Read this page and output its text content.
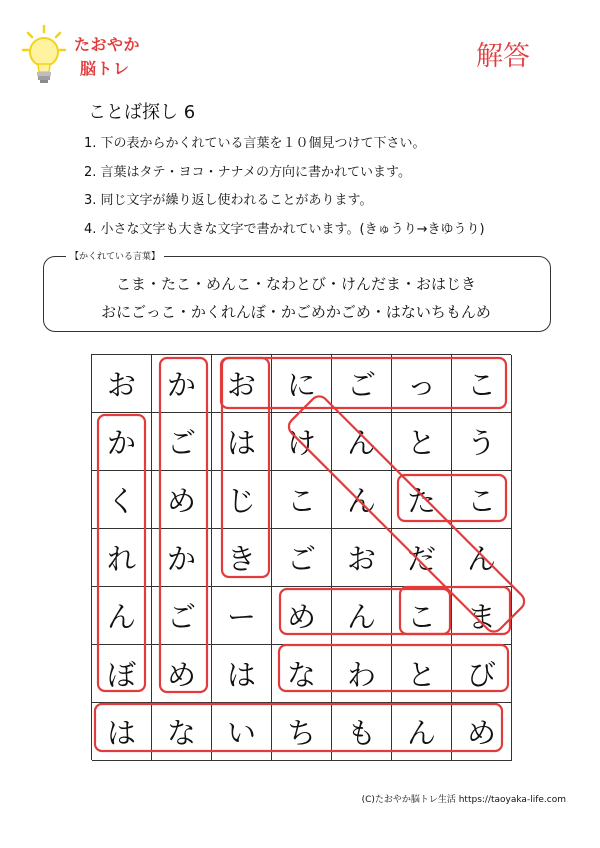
たおやか
脳トレ	解答
ことば探し 6
1. 下の表からかくれている言葉を１０個見つけて下さい。
2. 言葉はタテ・ヨコ・ナナメの方向に書かれています。
3. 同じ文字が繰り返し使われることがあります。
4. 小さな文字も大きな文字で書かれています。(きゅうり→きゆうり)
【かくれている言葉】
こま・たこ・めんこ・なわとび・けんだま・おはじき
おにごっこ・かくれんぼ・かごめかごめ・はないちもんめ
お	か	お	に	ご	っ	こ
か	ご	は	け	ん	と	う
く	め	じ	こ	ん	た	こ
れ	か	き	ご	お	だ	ん
ん	ご	ー	め	ん	こ	ま
ぼ	め	は	な	わ	と	び
は	な	い	ち	も	ん	め
(C)たおやか脳トレ生活 https://taoyaka-life.com
